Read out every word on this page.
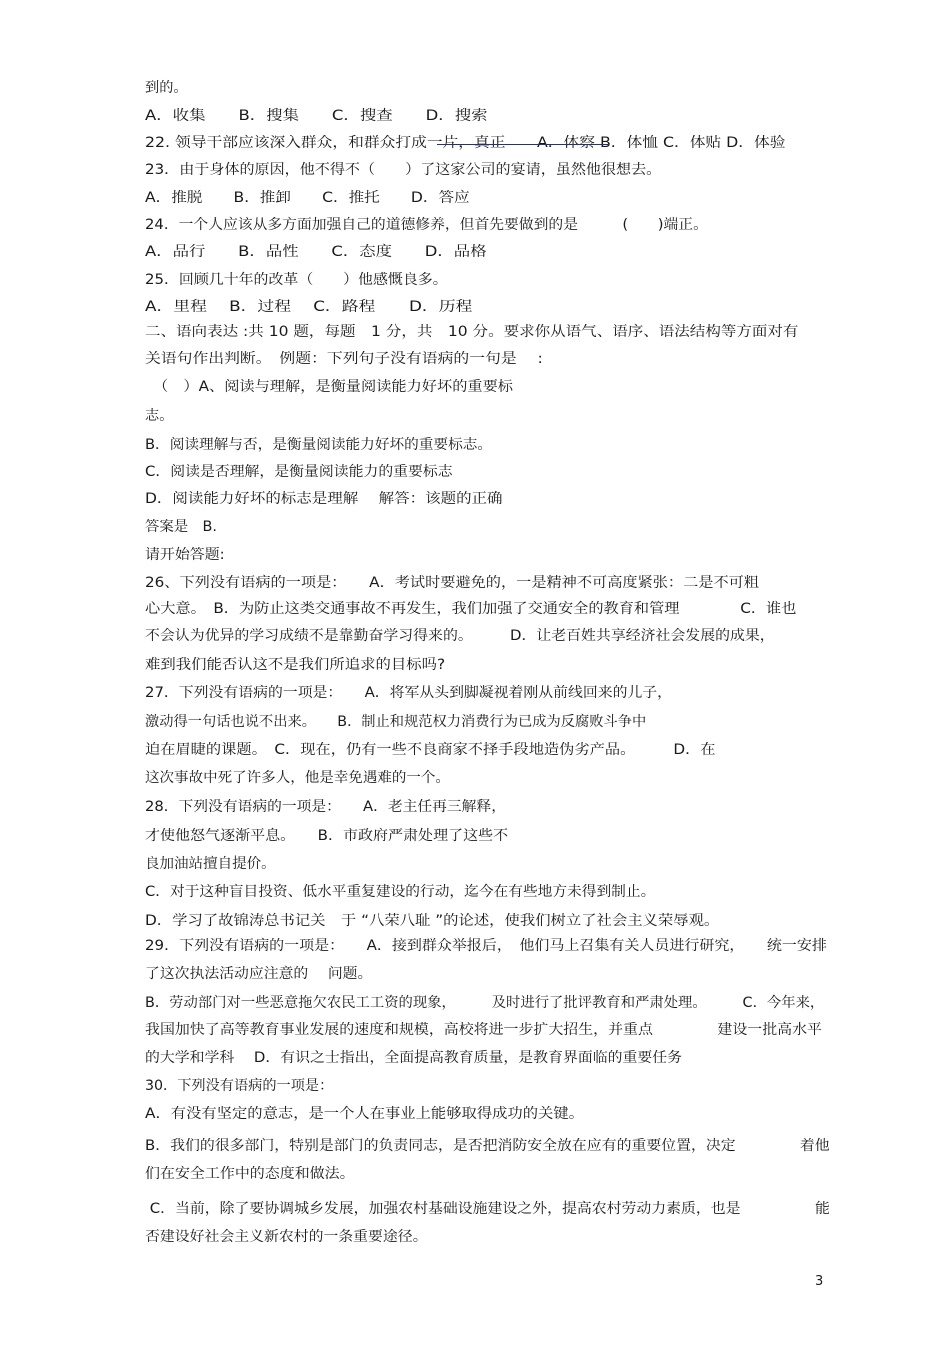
到的。
A．收集　　B．搜集　　C．搜查　　D．搜索
22. 领导干部应该深入群众，和群众打成一片，真正　　A．体察 B．体恤 C．体贴 D．体验
23．由于身体的原因，他不得不（　　）了这家公司的宴请，虽然他很想去。
A．推脱　　B．推卸　　C．推托　　D．答应
24．一个人应该从多方面加强自己的道德修养，但首先要做到的是　　　(　　)端正。
A．品行　　B．品性　　C．态度　　D．品格
25．回顾几十年的改革（　　）他感慨良多。
A．里程　 B．过程　 C．路程　　D．历程
二、语向表达 :共 10 题，每题　1 分，共　10 分。要求你从语气、语序、语法结构等方面对有
关语句作出判断。　例题：下列句子没有语病的一句是　 :
（　）A、阅读与理解，是衡量阅读能力好坏的重要标
志。
B．阅读理解与否，是衡量阅读能力好坏的重要标志。
C．阅读是否理解，是衡量阅读能力的重要标志
D．阅读能力好坏的标志是理解　 解答：该题的正确
答案是　B.
请开始答题:
26、下列没有语病的一项是：　　A．考试时要避免的，一是精神不可高度紧张：二是不可粗
心大意。　B．为防止这类交通事故不再发生，我们加强了交通安全的教育和管理　　　　C．谁也
不会认为优异的学习成绩不是靠勤奋学习得来的。　　　D．让老百姓共享经济社会发展的成果，
难到我们能否认这不是我们所追求的目标吗?
27．下列没有语病的一项是：　　A．将军从头到脚凝视着刚从前线回来的儿子，
激动得一句话也说不出来。　　B．制止和规范权力消费行为已成为反腐败斗争中
迫在眉睫的课题。　C．现在，仍有一些不良商家不择手段地造伪劣产品。　　　D．在
这次事故中死了许多人，他是幸免遇难的一个。
28．下列没有语病的一项是：　　A．老主任再三解释，
才使他怒气逐渐平息。　　B．市政府严肃处理了这些不
良加油站擅自提价。
C．对于这种盲目投资、低水平重复建设的行动，迄今在有些地方未得到制止。
D．学习了故锦涛总书记关　于 “八荣八耻 ”的论述，使我们树立了社会主义荣辱观。
29．下列没有语病的一项是：　　A．接到群众举报后，　他们马上召集有关人员进行研究，　　统一安排
了这次执法活动应注意的　 问题。
B．劳动部门对一些恶意拖欠农民工工资的现象，　　　及时进行了批评教育和严肃处理。　　　C．今年来，
我国加快了高等教育事业发展的速度和规模，高校将进一步扩大招生，并重点　　　　 建设一批高水平
的大学和学科　 D．有识之士指出，全面提高教育质量，是教育界面临的重要任务
30．下列没有语病的一项是：
A．有没有坚定的意志，是一个人在事业上能够取得成功的关键。
B．我们的很多部门，特别是部门的负责同志，是否把消防安全放在应有的重要位置，决定　　　　 着他
们在安全工作中的态度和做法。
C．当前，除了要协调城乡发展，加强农村基础设施建设之外，提高农村劳动力素质，也是　　　　　能
否建设好社会主义新农村的一条重要途径。
3
